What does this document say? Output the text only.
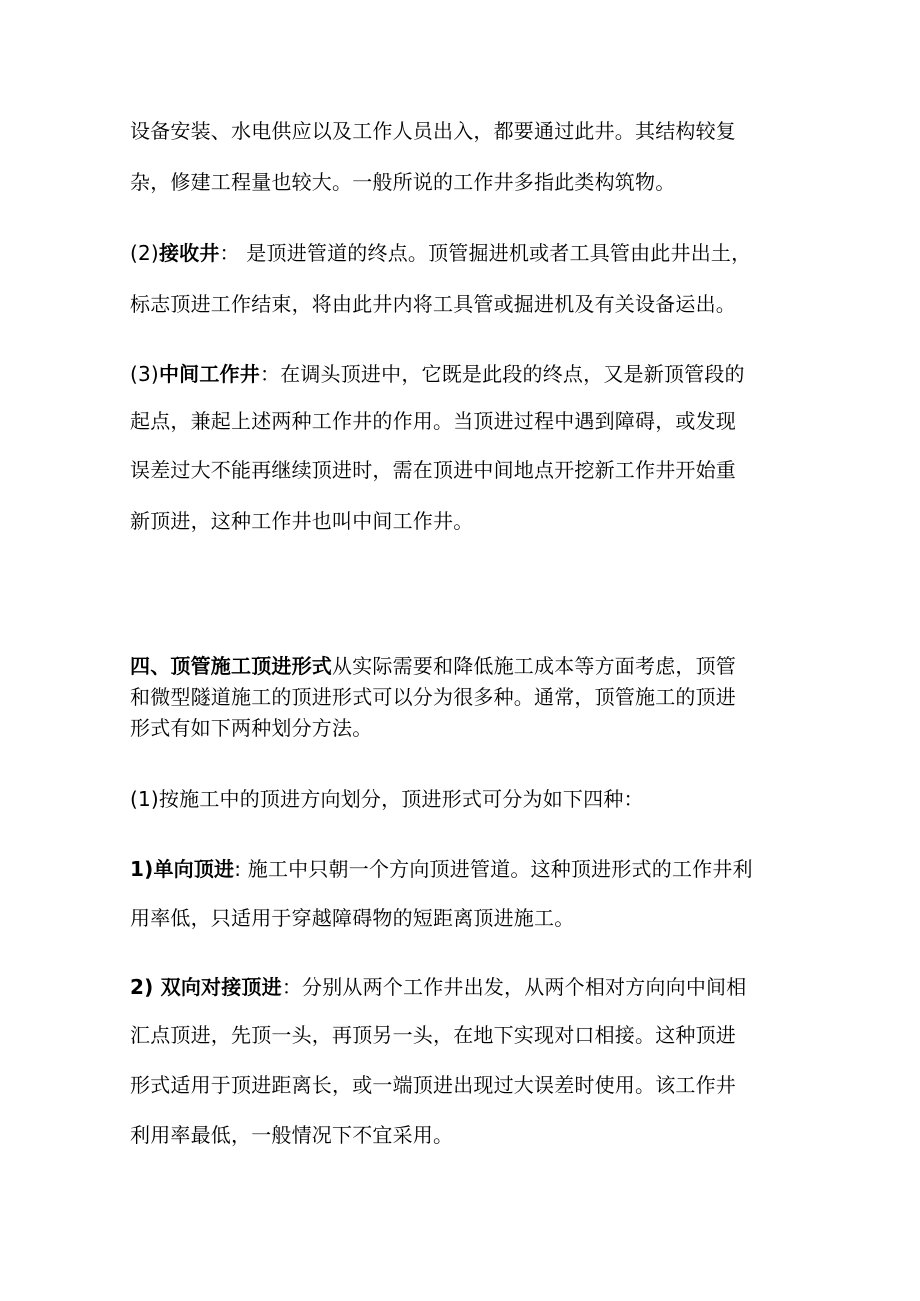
设备安装、水电供应以及工作人员出入，都要通过此井。其结构较复
杂，修建工程量也较大。一般所说的工作井多指此类构筑物。
(2)接收井： 是顶进管道的终点。顶管掘进机或者工具管由此井出土，
标志顶进工作结束，将由此井内将工具管或掘进机及有关设备运出。
(3)中间工作井：在调头顶进中，它既是此段的终点，又是新顶管段的
起点，兼起上述两种工作井的作用。当顶进过程中遇到障碍，或发现
误差过大不能再继续顶进时，需在顶进中间地点开挖新工作井开始重
新顶进，这种工作井也叫中间工作井。
四、顶管施工顶进形式从实际需要和降低施工成本等方面考虑，顶管
和微型隧道施工的顶进形式可以分为很多种。通常，顶管施工的顶进
形式有如下两种划分方法。
(1)按施工中的顶进方向划分，顶进形式可分为如下四种：
1)单向顶进: 施工中只朝一个方向顶进管道。这种顶进形式的工作井利
用率低，只适用于穿越障碍物的短距离顶进施工。
2) 双向对接顶进：分别从两个工作井出发，从两个相对方向向中间相
汇点顶进，先顶一头，再顶另一头，在地下实现对口相接。这种顶进
形式适用于顶进距离长，或一端顶进出现过大误差时使用。该工作井
利用率最低，一般情况下不宜采用。
